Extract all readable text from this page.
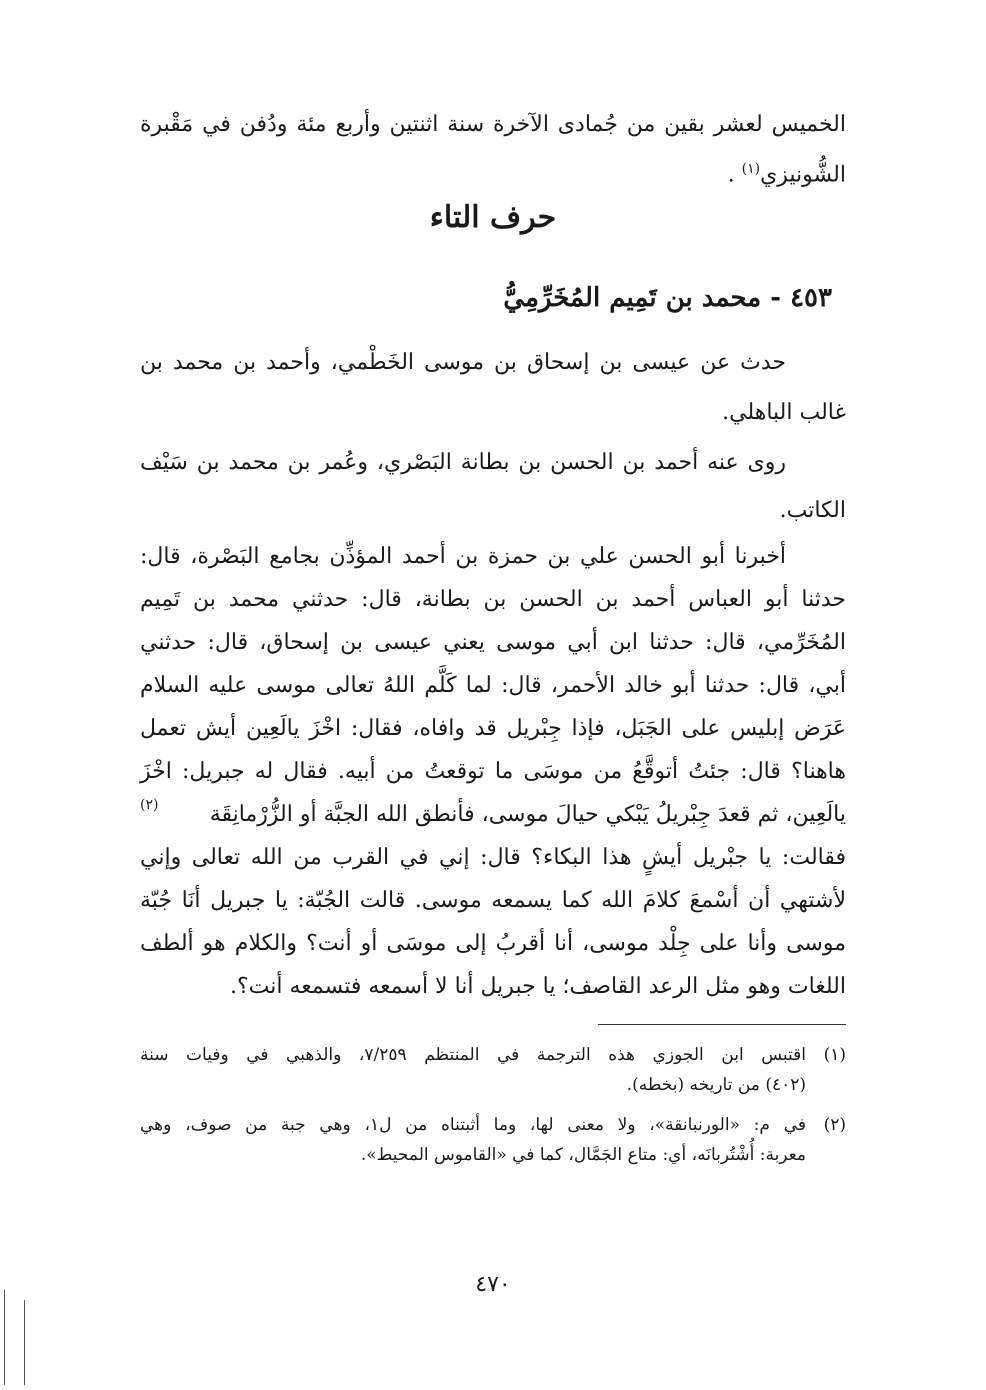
الخميس لعشر بقين من جُمادى الآخرة سنة اثنتين وأربع مئة ودُفن في مَقْبرة
الشُّونيزي$^{(١)}$ .
حرف التاء
٤٥٣ - محمد بن تَمِيم المُخَرِّمِيُّ
حدث عن عيسى بن إسحاق بن موسى الخَطْمي، وأحمد بن محمد بن
غالب الباهلي.
روى عنه أحمد بن الحسن بن بطانة البَصْري، وعُمر بن محمد بن سَيْف
الكاتب.
أخبرنا أبو الحسن علي بن حمزة بن أحمد المؤذِّن بجامع البَصْرة، قال:
حدثنا أبو العباس أحمد بن الحسن بن بطانة، قال: حدثني محمد بن تَمِيم
المُخَرِّمي، قال: حدثنا ابن أبي موسى يعني عيسى بن إسحاق، قال: حدثني
أبي، قال: حدثنا أبو خالد الأحمر، قال: لما كَلَّم اللهُ تعالى موسى عليه السلام
عَرَض إبليس على الجَبَل، فإذا جِبْريل قد وافاه، فقال: اخْزَ يالَعِين أيش تعمل
هاهنا؟ قال: جئتُ أتوقَّعُ من موسَى ما توقعتُ من أبيه. فقال له جبريل: اخْزَ
يالَعِين، ثم قعدَ جِبْريلُ يَبْكي حيالَ موسى، فأنطق الله الجبَّة أو الزُّرْمانِقَة
(٢)
فقالت: يا جبْريل أيشٍ هذا البكاء؟ قال: إني في القرب من الله تعالى وإني
لأشتهي أن أسْمعَ كلامَ الله كما يسمعه موسى. قالت الجُبّة: يا جبريل أنَا جُبّة
موسى وأنا على جِلْد موسى، أنا أقربُ إلى موسَى أو أنت؟ والكلام هو ألطف
اللغات وهو مثل الرعد القاصف؛ يا جبريل أنا لا أسمعه فتسمعه أنت؟.
(١)
اقتبس ابن الجوزي هذه الترجمة في المنتظم ٧/٢٥٩، والذهبي في وفيات سنة
(٤٠٢) من تاريخه (بخطه).
(٢)
في م: «الورنبانقة»، ولا معنى لها، وما أثبتناه من ل١، وهي جبة من صوف، وهي
معربة: أُشْتُربانَه، أي: متاع الجَمَّال، كما في «القاموس المحيط».
٤٧٠
